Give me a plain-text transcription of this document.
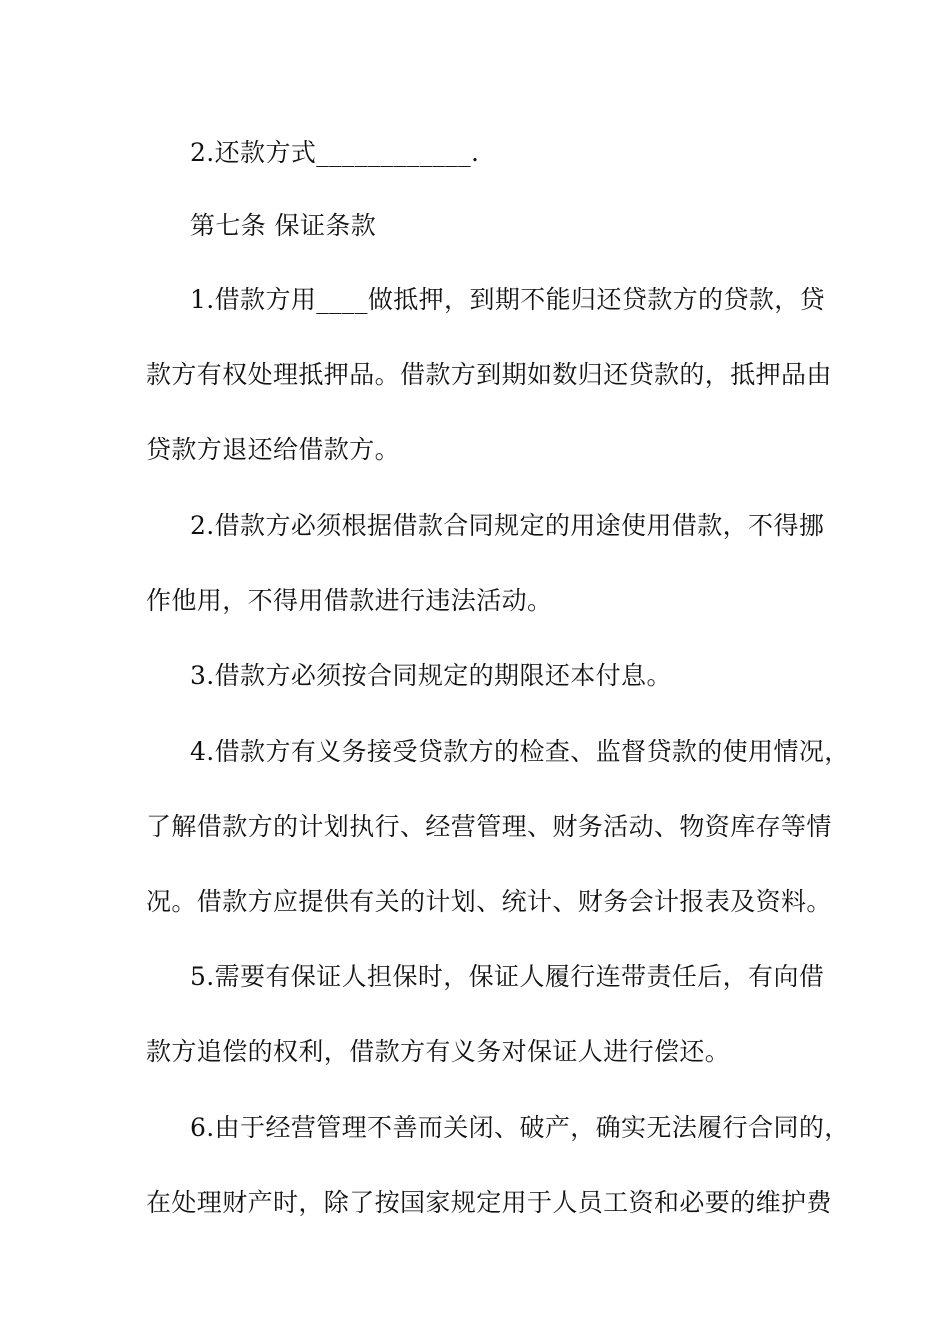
2.还款方式____________.
第七条 保证条款
1.借款方用____做抵押，到期不能归还贷款方的贷款，贷
款方有权处理抵押品。借款方到期如数归还贷款的，抵押品由
贷款方退还给借款方。
2.借款方必须根据借款合同规定的用途使用借款，不得挪
作他用，不得用借款进行违法活动。
3.借款方必须按合同规定的期限还本付息。
4.借款方有义务接受贷款方的检查、监督贷款的使用情况，
了解借款方的计划执行、经营管理、财务活动、物资库存等情
况。借款方应提供有关的计划、统计、财务会计报表及资料。
5.需要有保证人担保时，保证人履行连带责任后，有向借
款方追偿的权利，借款方有义务对保证人进行偿还。
6.由于经营管理不善而关闭、破产，确实无法履行合同的，
在处理财产时，除了按国家规定用于人员工资和必要的维护费
